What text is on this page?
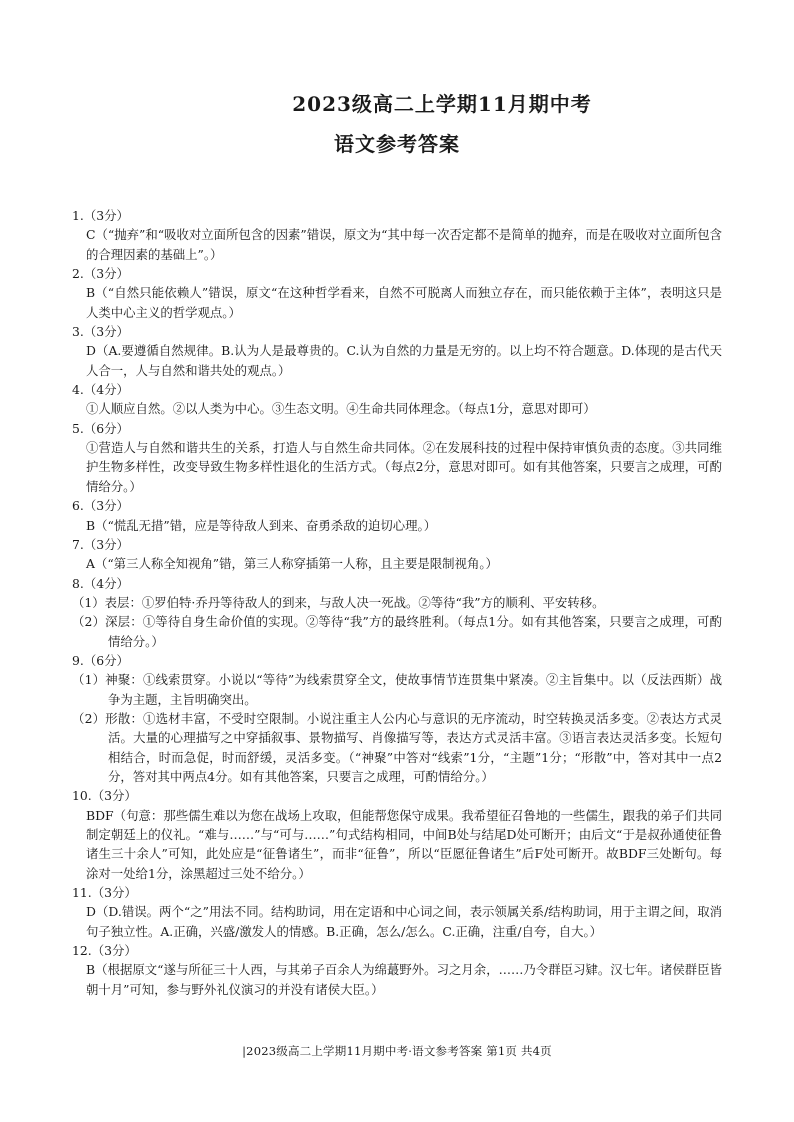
2023级高二上学期11月期中考
语文参考答案
1.（3分）
C（“抛弃”和“吸收对立面所包含的因素”错误，原文为“其中每一次否定都不是简单的抛弃，而是在吸收对立面所包含的合理因素的基础上”。）
2.（3分）
B（“自然只能依赖人”错误，原文“在这种哲学看来，自然不可脱离人而独立存在，而只能依赖于主体”，表明这只是人类中心主义的哲学观点。）
3.（3分）
D（A.要遵循自然规律。B.认为人是最尊贵的。C.认为自然的力量是无穷的。以上均不符合题意。D.体现的是古代天人合一，人与自然和谐共处的观点。）
4.（4分）
①人顺应自然。②以人类为中心。③生态文明。④生命共同体理念。（每点1分，意思对即可）
5.（6分）
①营造人与自然和谐共生的关系，打造人与自然生命共同体。②在发展科技的过程中保持审慎负责的态度。③共同维护生物多样性，改变导致生物多样性退化的生活方式。（每点2分，意思对即可。如有其他答案，只要言之成理，可酌情给分。）
6.（3分）
B（“慌乱无措”错，应是等待敌人到来、奋勇杀敌的迫切心理。）
7.（3分）
A（“第三人称全知视角”错，第三人称穿插第一人称，且主要是限制视角。）
8.（4分）
（1）表层：①罗伯特·乔丹等待敌人的到来，与敌人决一死战。②等待“我”方的顺利、平安转移。
（2）深层：①等待自身生命价值的实现。②等待“我”方的最终胜利。（每点1分。如有其他答案，只要言之成理，可酌情给分。）
9.（6分）
（1）神聚：①线索贯穿。小说以“等待”为线索贯穿全文，使故事情节连贯集中紧凑。②主旨集中。以（反法西斯）战争为主题，主旨明确突出。
（2）形散：①选材丰富，不受时空限制。小说注重主人公内心与意识的无序流动，时空转换灵活多变。②表达方式灵活。大量的心理描写之中穿插叙事、景物描写、肖像描写等，表达方式灵活丰富。③语言表达灵活多变。长短句相结合，时而急促，时而舒缓，灵活多变。（“神聚”中答对“线索”1分，“主题”1分；“形散”中，答对其中一点2分，答对其中两点4分。如有其他答案，只要言之成理，可酌情给分。）
10.（3分）
BDF（句意：那些儒生难以为您在战场上攻取，但能帮您保守成果。我希望征召鲁地的一些儒生，跟我的弟子们共同制定朝廷上的仪礼。“难与……”与“可与……”句式结构相同，中间B处与结尾D处可断开；由后文“于是叔孙通使征鲁诸生三十余人”可知，此处应是“征鲁诸生”，而非“征鲁”，所以“臣愿征鲁诸生”后F处可断开。故BDF三处断句。每涂对一处给1分，涂黑超过三处不给分。）
11.（3分）
D（D.错误。两个“之”用法不同。结构助词，用在定语和中心词之间，表示领属关系/结构助词，用于主谓之间，取消句子独立性。A.正确，兴盛/激发人的情感。B.正确，怎么/怎么。C.正确，注重/自夸，自大。）
12.（3分）
B（根据原文“遂与所征三十人西，与其弟子百余人为绵蕞野外。习之月余，……乃令群臣习肄。汉七年。诸侯群臣皆朝十月”可知，参与野外礼仪演习的并没有诸侯大臣。）
|2023级高二上学期11月期中考·语文参考答案 第1页 共4页
